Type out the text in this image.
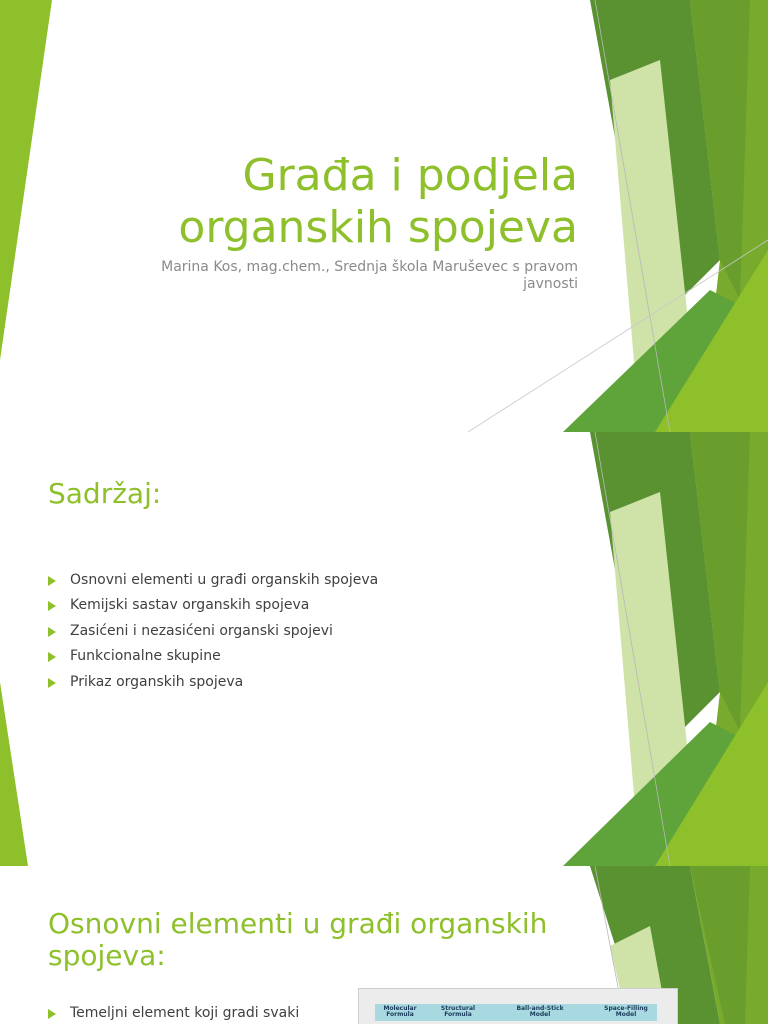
Građa i podjela
organskih spojeva

Marina Kos, mag.chem., Srednja škola Maruševec s pravom
javnosti

Sadržaj:
Osnovni elementi u građi organskih spojeva
Kemijski sastav organskih spojeva
Zasićeni i nezasićeni organski spojevi
Funkcionalne skupine
Prikaz organskih spojeva
Osnovni elementi u građi organskih
spojeva:
Temeljni element koji gradi svaki	Molecular Formula
Structural Formula
Ball-and-Stick Model
Space-Filling Model
